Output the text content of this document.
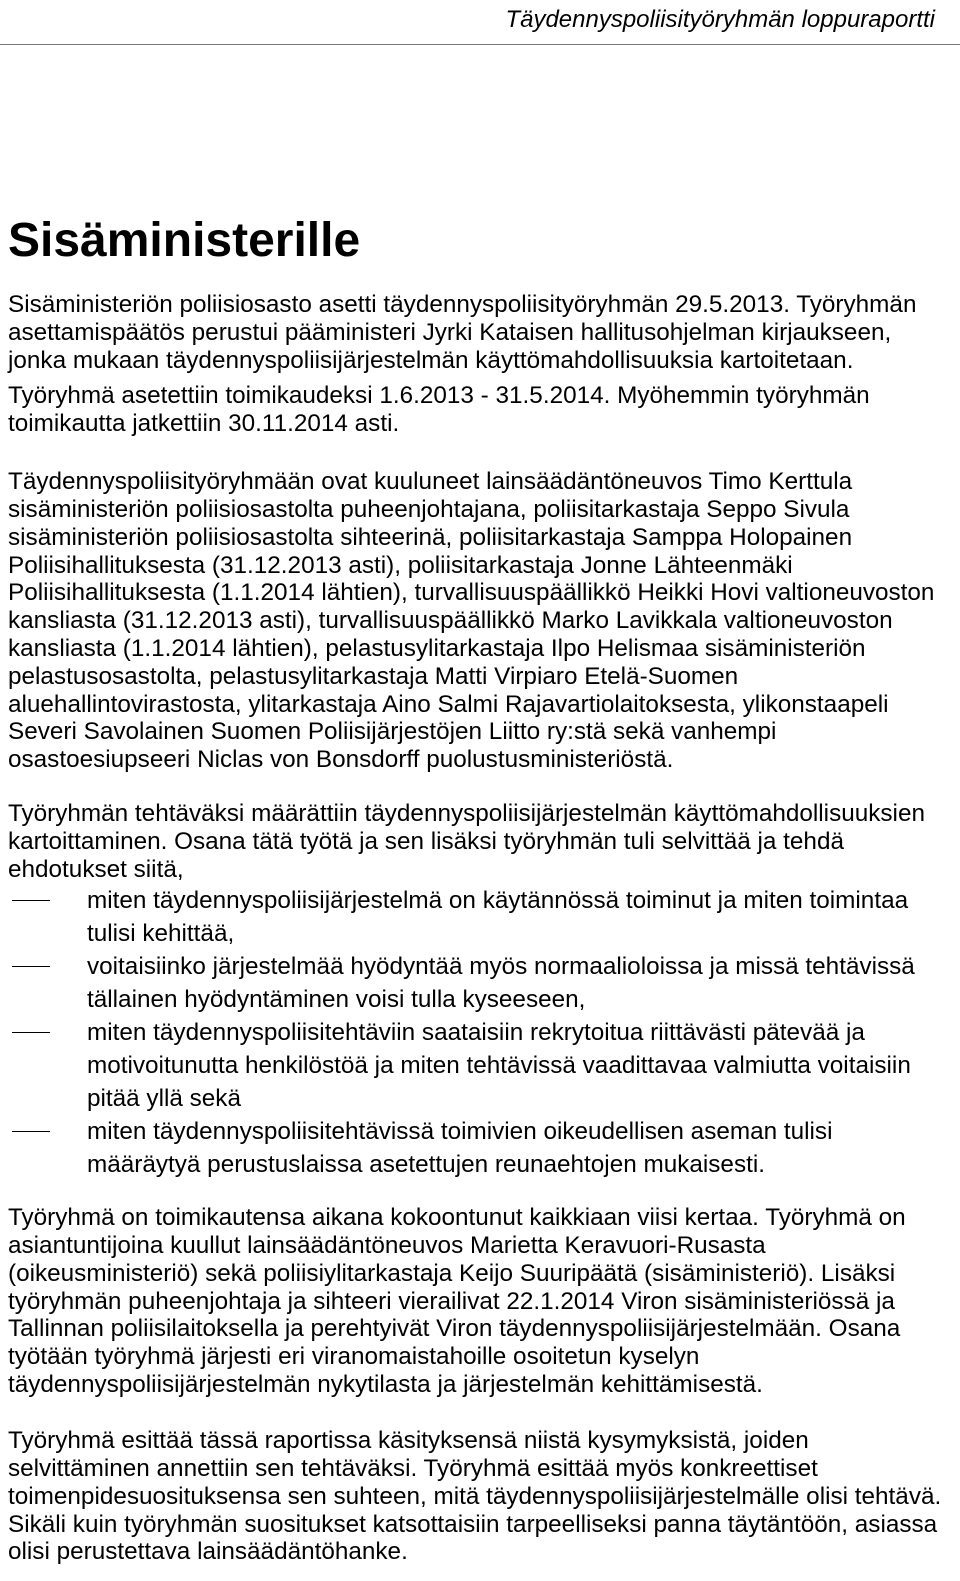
Täydennyspoliisityöryhmän loppuraportti
Sisäministerille
Sisäministeriön poliisiosasto asetti täydennyspoliisityöryhmän 29.5.2013. Työryhmän
asettamispäätös perustui pääministeri Jyrki Kataisen hallitusohjelman kirjaukseen,
jonka mukaan täydennyspoliisijärjestelmän käyttömahdollisuuksia kartoitetaan.
Työryhmä asetettiin toimikaudeksi 1.6.2013 - 31.5.2014. Myöhemmin työryhmän
toimikautta jatkettiin 30.11.2014 asti.
Täydennyspoliisityöryhmään ovat kuuluneet lainsäädäntöneuvos Timo Kerttula
sisäministeriön poliisiosastolta puheenjohtajana, poliisitarkastaja Seppo Sivula
sisäministeriön poliisiosastolta sihteerinä, poliisitarkastaja Samppa Holopainen
Poliisihallituksesta (31.12.2013 asti), poliisitarkastaja Jonne Lähteenmäki
Poliisihallituksesta (1.1.2014 lähtien), turvallisuuspäällikkö Heikki Hovi valtioneuvoston
kansliasta (31.12.2013 asti), turvallisuuspäällikkö Marko Lavikkala valtioneuvoston
kansliasta (1.1.2014 lähtien), pelastusylitarkastaja Ilpo Helismaa sisäministeriön
pelastusosastolta, pelastusylitarkastaja Matti Virpiaro Etelä-Suomen
aluehallintovirastosta, ylitarkastaja Aino Salmi Rajavartiolaitoksesta, ylikonstaapeli
Severi Savolainen Suomen Poliisijärjestöjen Liitto ry:stä sekä vanhempi
osastoesiupseeri Niclas von Bonsdorff puolustusministeriöstä.
Työryhmän tehtäväksi määrättiin täydennyspoliisijärjestelmän käyttömahdollisuuksien
kartoittaminen. Osana tätä työtä ja sen lisäksi työryhmän tuli selvittää ja tehdä
ehdotukset siitä,
miten täydennyspoliisijärjestelmä on käytännössä toiminut ja miten toimintaa
tulisi kehittää,
voitaisiinko järjestelmää hyödyntää myös normaalioloissa ja missä tehtävissä
tällainen hyödyntäminen voisi tulla kyseeseen,
miten täydennyspoliisitehtäviin saataisiin rekrytoitua riittävästi pätevää ja
motivoitunutta henkilöstöä ja miten tehtävissä vaadittavaa valmiutta voitaisiin
pitää yllä sekä
miten täydennyspoliisitehtävissä toimivien oikeudellisen aseman tulisi
määräytyä perustuslaissa asetettujen reunaehtojen mukaisesti.
Työryhmä on toimikautensa aikana kokoontunut kaikkiaan viisi kertaa. Työryhmä on
asiantuntijoina kuullut lainsäädäntöneuvos Marietta Keravuori-Rusasta
(oikeusministeriö) sekä poliisiylitarkastaja Keijo Suuripäätä (sisäministeriö). Lisäksi
työryhmän puheenjohtaja ja sihteeri vierailivat 22.1.2014 Viron sisäministeriössä ja
Tallinnan poliisilaitoksella ja perehtyivät Viron täydennyspoliisijärjestelmään. Osana
työtään työryhmä järjesti eri viranomaistahoille osoitetun kyselyn
täydennyspoliisijärjestelmän nykytilasta ja järjestelmän kehittämisestä.
Työryhmä esittää tässä raportissa käsityksensä niistä kysymyksistä, joiden
selvittäminen annettiin sen tehtäväksi. Työryhmä esittää myös konkreettiset
toimenpidesuosituksensa sen suhteen, mitä täydennyspoliisijärjestelmälle olisi tehtävä.
Sikäli kuin työryhmän suositukset katsottaisiin tarpeelliseksi panna täytäntöön, asiassa
olisi perustettava lainsäädäntöhanke.
